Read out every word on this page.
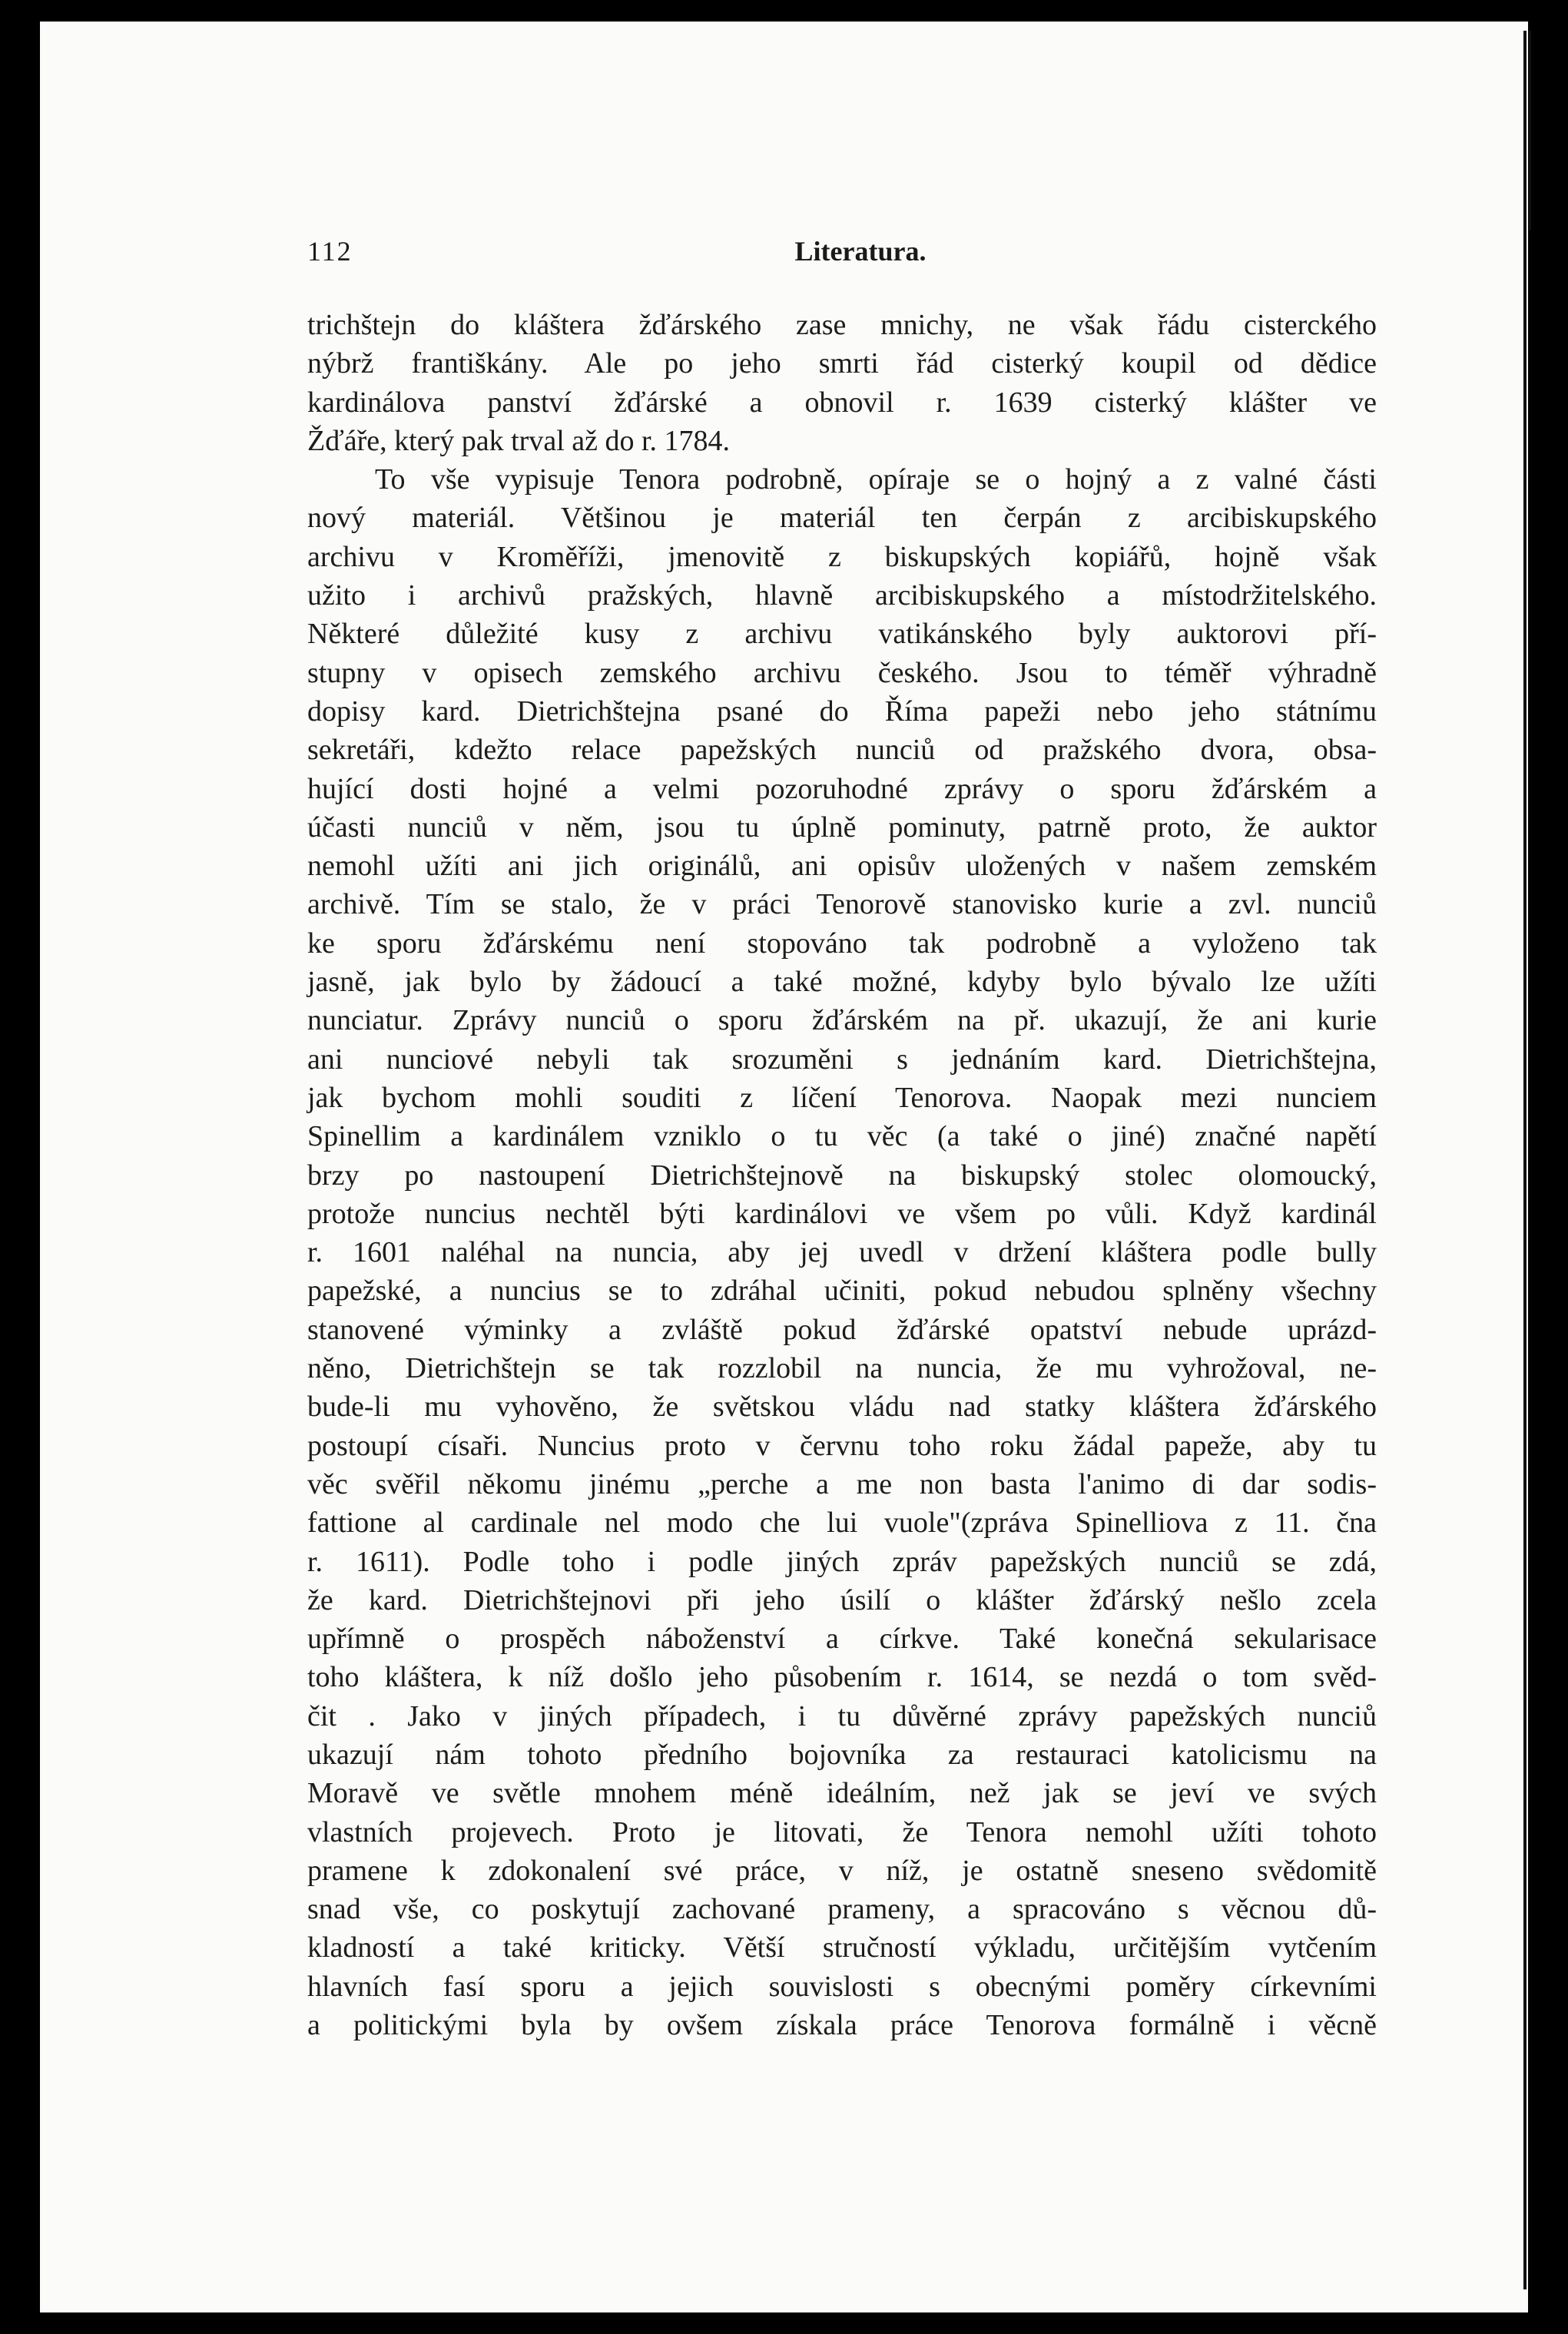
112	Literatura.
trichštejn do kláštera žďárského zase mnichy, ne však řádu cisterckého
nýbrž františkány. Ale po jeho smrti řád cisterký koupil od dědice
kardinálova panství žďárské a obnovil r. 1639 cisterký klášter ve
Žďáře, který pak trval až do r. 1784.
To vše vypisuje Tenora podrobně, opíraje se o hojný a z valné části
nový materiál. Většinou je materiál ten čerpán z arcibiskupského
archivu v Kroměříži, jmenovitě z biskupských kopiářů, hojně však
užito i archivů pražských, hlavně arcibiskupského a místodržitelského.
Některé důležité kusy z archivu vatikánského byly auktorovi pří-
stupny v opisech zemského archivu českého. Jsou to téměř výhradně
dopisy kard. Dietrichštejna psané do Říma papeži nebo jeho státnímu
sekretáři, kdežto relace papežských nunciů od pražského dvora, obsa-
hující dosti hojné a velmi pozoruhodné zprávy o sporu žďárském a
účasti nunciů v něm, jsou tu úplně pominuty, patrně proto, že auktor
nemohl užíti ani jich originálů, ani opisův uložených v našem zemském
archivě. Tím se stalo, že v práci Tenorově stanovisko kurie a zvl. nunciů
ke sporu žďárskému není stopováno tak podrobně a vyloženo tak
jasně, jak bylo by žádoucí a také možné, kdyby bylo bývalo lze užíti
nunciatur. Zprávy nunciů o sporu žďárském na př. ukazují, že ani kurie
ani nunciové nebyli tak srozuměni s jednáním kard. Dietrichštejna,
jak bychom mohli souditi z líčení Tenorova. Naopak mezi nunciem
Spinellim a kardinálem vzniklo o tu věc (a také o jiné) značné napětí
brzy po nastoupení Dietrichštejnově na biskupský stolec olomoucký,
protože nuncius nechtěl býti kardinálovi ve všem po vůli. Když kardinál
r. 1601 naléhal na nuncia, aby jej uvedl v držení kláštera podle bully
papežské, a nuncius se to zdráhal učiniti, pokud nebudou splněny všechny
stanovené výminky a zvláště pokud žďárské opatství nebude uprázd-
něno, Dietrichštejn se tak rozzlobil na nuncia, že mu vyhrožoval, ne-
bude-li mu vyhověno, že světskou vládu nad statky kláštera žďárského
postoupí císaři. Nuncius proto v červnu toho roku žádal papeže, aby tu
věc svěřil někomu jinému „perche a me non basta l'animo di dar sodis-
fattione al cardinale nel modo che lui vuole"(zpráva Spinelliova z 11. čna
r. 1611). Podle toho i podle jiných zpráv papežských nunciů se zdá,
že kard. Dietrichštejnovi při jeho úsilí o klášter žďárský nešlo zcela
upřímně o prospěch náboženství a církve. Také konečná sekularisace
toho kláštera, k níž došlo jeho působením r. 1614, se nezdá o tom svěd-
čit . Jako v jiných případech, i tu důvěrné zprávy papežských nunciů
ukazují nám tohoto předního bojovníka za restauraci katolicismu na
Moravě ve světle mnohem méně ideálním, než jak se jeví ve svých
vlastních projevech. Proto je litovati, že Tenora nemohl užíti tohoto
pramene k zdokonalení své práce, v níž, je ostatně sneseno svědomitě
snad vše, co poskytují zachované prameny, a spracováno s věcnou dů-
kladností a také kriticky. Větší stručností výkladu, určitějším vytčením
hlavních fasí sporu a jejich souvislosti s obecnými poměry církevními
a politickými byla by ovšem získala práce Tenorova formálně i věcně
